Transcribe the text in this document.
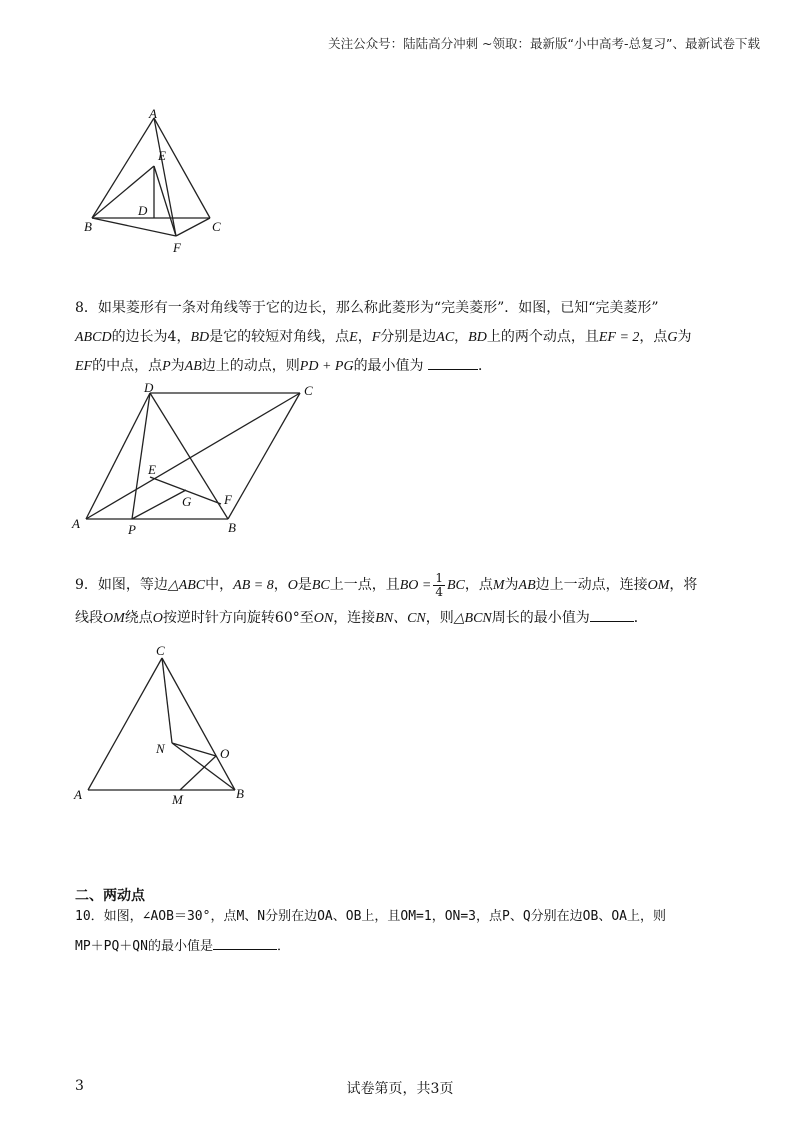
关注公众号：陆陆高分冲刺 ~领取：最新版“小中高考-总复习”、最新试卷下载
A
E
D
B	C
F
8．如果菱形有一条对角线等于它的边长，那么称此菱形为“完美菱形”．如图，已知“完美菱形”
ABCD的边长为4，BD是它的较短对角线，点E，F分别是边AC，BD上的两个动点，且EF = 2，点G为
EF的中点，点P为AB边上的动点，则PD + PG的最小值为	．
D	C
E
G	F
A	P	B
9．如图，等边△ABC中，AB = 8，O是BC上一点，且BO = $\frac{1}{4}$ BC，点M为AB边上一动点，连接OM，将
线段OM绕点O按逆时针方向旋转60°至ON，连接BN、CN，则△BCN周长的最小值为	．
C
N	O
A	M	B
二、两动点
10．如图，∠AOB＝30°，点M、N分别在边OA、OB上，且OM=1，ON=3，点P、Q分别在边OB、OA上，则
MP＋PQ＋QN的最小值是	．
3	试卷第页，共3页
